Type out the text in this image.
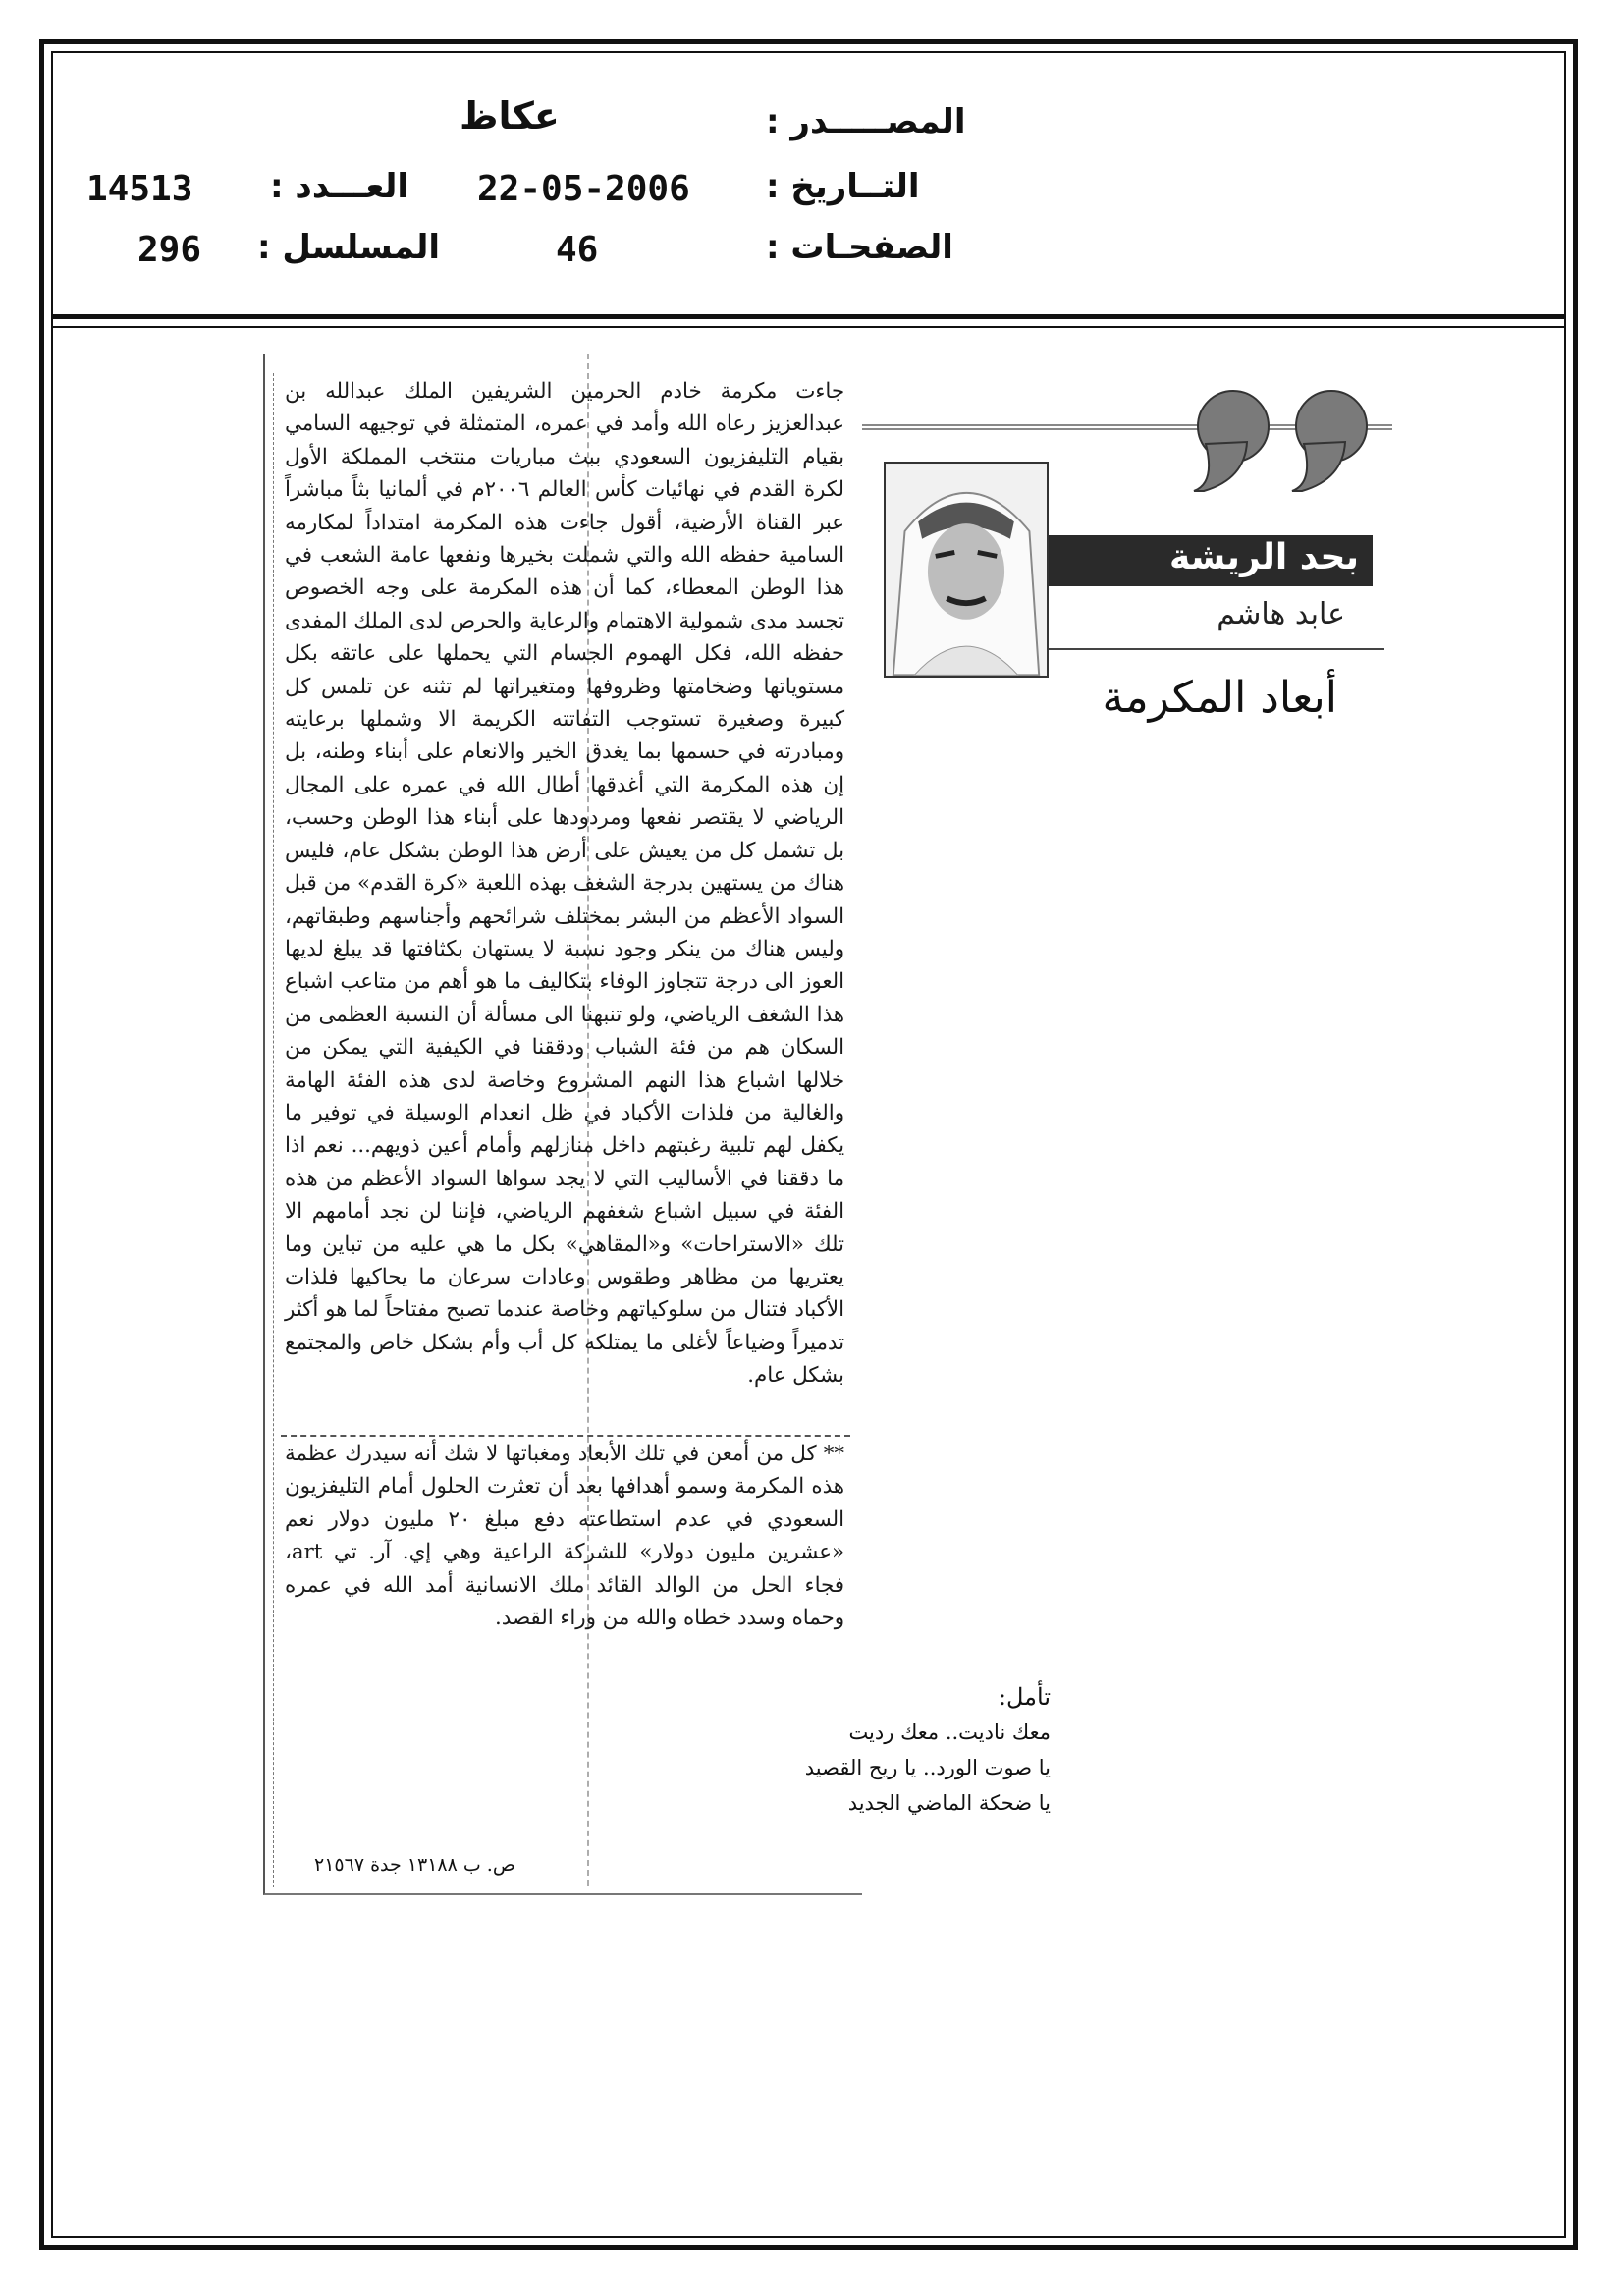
المصـــــدر :
عكاظ
التــاريخ :
22-05-2006
العـــدد :
14513
الصفحـات :
46
المسلسل :
296

جاءت مكرمة خادم الحرمين الشريفين الملك عبدالله بن عبدالعزيز رعاه الله وأمد في عمره، المتمثلة في توجيهه السامي بقيام التليفزيون السعودي ببث مباريات منتخب المملكة الأول لكرة القدم في نهائيات كأس العالم ٢٠٠٦م في ألمانيا بثاً مباشراً عبر القناة الأرضية، أقول جاءت هذه المكرمة امتداداً لمكارمه السامية حفظه الله والتي شملت بخيرها ونفعها عامة الشعب في هذا الوطن المعطاء، كما أن هذه المكرمة على وجه الخصوص تجسد مدى شمولية الاهتمام والرعاية والحرص لدى الملك المفدى حفظه الله، فكل الهموم الجسام التي يحملها على عاتقه بكل مستوياتها وضخامتها وظروفها ومتغيراتها لم تثنه عن تلمس كل كبيرة وصغيرة تستوجب التفاتته الكريمة الا وشملها برعايته ومبادرته في حسمها بما يغدق الخير والانعام على أبناء وطنه، بل إن هذه المكرمة التي أغدقها أطال الله في عمره على المجال الرياضي لا يقتصر نفعها ومردودها على أبناء هذا الوطن وحسب، بل تشمل كل من يعيش على أرض هذا الوطن بشكل عام، فليس هناك من يستهين بدرجة الشغف بهذه اللعبة «كرة القدم» من قبل السواد الأعظم من البشر بمختلف شرائحهم وأجناسهم وطبقاتهم، وليس هناك من ينكر وجود نسبة لا يستهان بكثافتها قد يبلغ لديها العوز الى درجة تتجاوز الوفاء بتكاليف ما هو أهم من متاعب اشباع هذا الشغف الرياضي، ولو تنبهنا الى مسألة أن النسبة العظمى من السكان هم من فئة الشباب ودققنا في الكيفية التي يمكن من خلالها اشباع هذا النهم المشروع وخاصة لدى هذه الفئة الهامة والغالية من فلذات الأكباد في ظل انعدام الوسيلة في توفير ما يكفل لهم تلبية رغبتهم داخل منازلهم وأمام أعين ذويهم... نعم اذا ما دققنا في الأساليب التي لا يجد سواها السواد الأعظم من هذه الفئة في سبيل اشباع شغفهم الرياضي، فإننا لن نجد أمامهم الا تلك «الاستراحات» و«المقاهي» بكل ما هي عليه من تباين وما يعتريها من مظاهر وطقوس وعادات سرعان ما يحاكيها فلذات الأكباد فتنال من سلوكياتهم وخاصة عندما تصبح مفتاحاً لما هو أكثر تدميراً وضياعاً لأغلى ما يمتلكه كل أب وأم بشكل خاص والمجتمع بشكل عام.

** كل من أمعن في تلك الأبعاد ومغباتها لا شك أنه سيدرك عظمة هذه المكرمة وسمو أهدافها بعد أن تعثرت الحلول أمام التليفزيون السعودي في عدم استطاعته دفع مبلغ ٢٠ مليون دولار نعم «عشرين مليون دولار» للشركة الراعية وهي إي. آر. تي art، فجاء الحل من الوالد القائد ملك الانسانية أمد الله في عمره وحماه وسدد خطاه والله من وراء القصد.

تأمل:
معك ناديت.. معك رديت
يا صوت الورد.. يا ريح القصيد
يا ضحكة الماضي الجديد
ص. ب ١٣١٨٨ جدة ٢١٥٦٧
بحد الريشة
عابد هاشم
أبعاد المكرمة
